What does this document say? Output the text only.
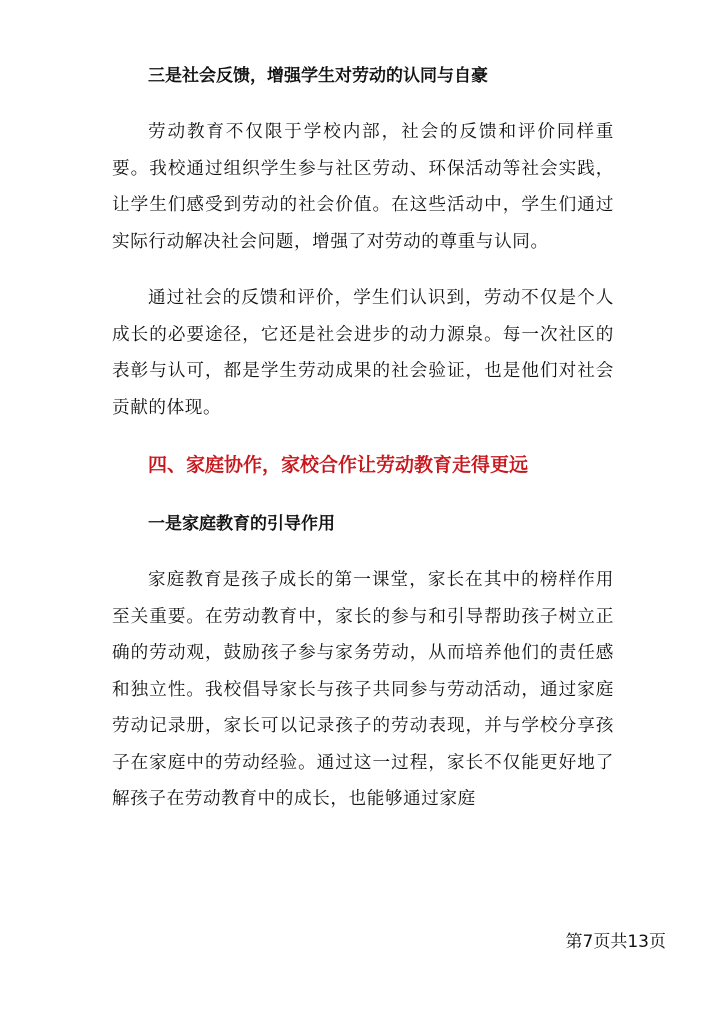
三是社会反馈，增强学生对劳动的认同与自豪

劳动教育不仅限于学校内部，社会的反馈和评价同样重要。我校通过组织学生参与社区劳动、环保活动等社会实践，让学生们感受到劳动的社会价值。在这些活动中，学生们通过实际行动解决社会问题，增强了对劳动的尊重与认同。

通过社会的反馈和评价，学生们认识到，劳动不仅是个人成长的必要途径，它还是社会进步的动力源泉。每一次社区的表彰与认可，都是学生劳动成果的社会验证，也是他们对社会贡献的体现。

四、家庭协作，家校合作让劳动教育走得更远

一是家庭教育的引导作用

家庭教育是孩子成长的第一课堂，家长在其中的榜样作用至关重要。在劳动教育中，家长的参与和引导帮助孩子树立正确的劳动观，鼓励孩子参与家务劳动，从而培养他们的责任感和独立性。我校倡导家长与孩子共同参与劳动活动，通过家庭劳动记录册，家长可以记录孩子的劳动表现，并与学校分享孩子在家庭中的劳动经验。通过这一过程，家长不仅能更好地了解孩子在劳动教育中的成长，也能够通过家庭

第7页共13页
